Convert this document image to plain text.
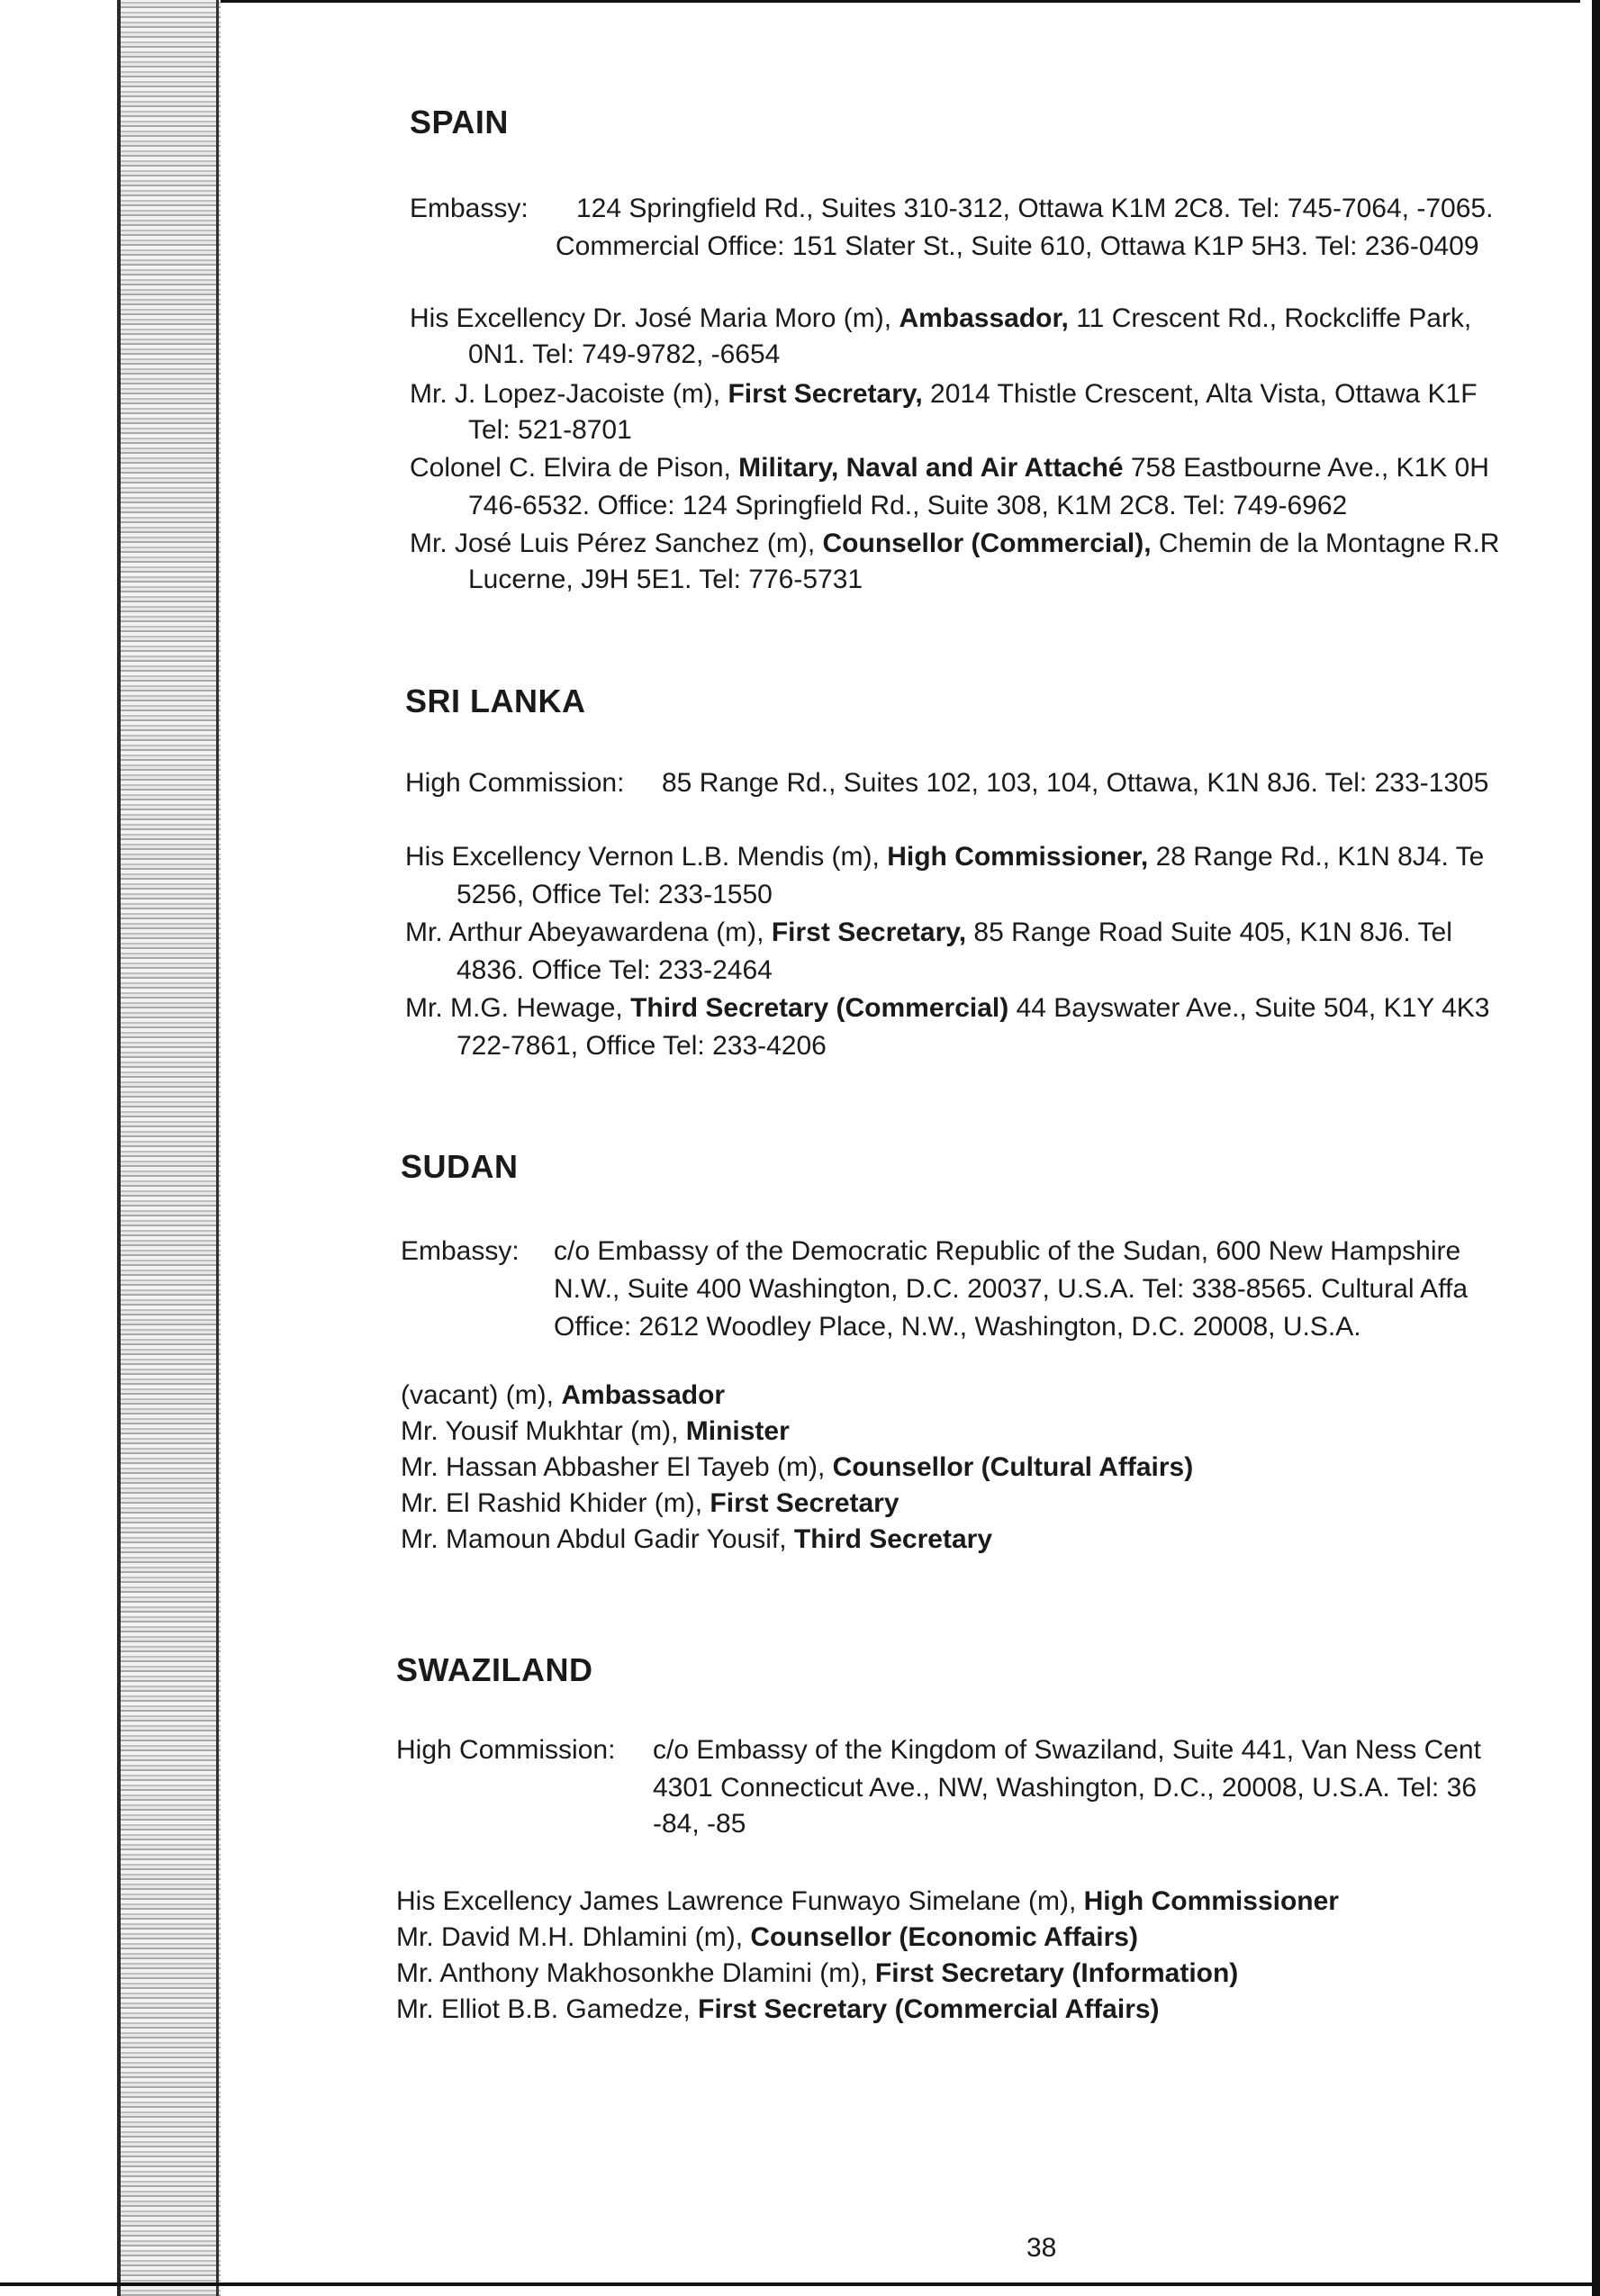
SPAIN
Embassy: 124 Springfield Rd., Suites 310-312, Ottawa K1M 2C8. Tel: 745-7064, -7065.
Commercial Office: 151 Slater St., Suite 610, Ottawa K1P 5H3. Tel: 236-0409
His Excellency Dr. José Maria Moro (m), Ambassador, 11 Crescent Rd., Rockcliffe Park,
0N1. Tel: 749-9782, -6654
Mr. J. Lopez-Jacoiste (m), First Secretary, 2014 Thistle Crescent, Alta Vista, Ottawa K1F
Tel: 521-8701
Colonel C. Elvira de Pison, Military, Naval and Air Attaché 758 Eastbourne Ave., K1K 0H
746-6532. Office: 124 Springfield Rd., Suite 308, K1M 2C8. Tel: 749-6962
Mr. José Luis Pérez Sanchez (m), Counsellor (Commercial), Chemin de la Montagne R.R
Lucerne, J9H 5E1. Tel: 776-5731
SRI LANKA
High Commission: 85 Range Rd., Suites 102, 103, 104, Ottawa, K1N 8J6. Tel: 233-1305
His Excellency Vernon L.B. Mendis (m), High Commissioner, 28 Range Rd., K1N 8J4. Te
5256, Office Tel: 233-1550
Mr. Arthur Abeyawardena (m), First Secretary, 85 Range Road Suite 405, K1N 8J6. Tel
4836. Office Tel: 233-2464
Mr. M.G. Hewage, Third Secretary (Commercial) 44 Bayswater Ave., Suite 504, K1Y 4K3
722-7861, Office Tel: 233-4206
SUDAN
Embassy: c/o Embassy of the Democratic Republic of the Sudan, 600 New Hampshire
N.W., Suite 400 Washington, D.C. 20037, U.S.A. Tel: 338-8565. Cultural Affa
Office: 2612 Woodley Place, N.W., Washington, D.C. 20008, U.S.A.
(vacant) (m), Ambassador
Mr. Yousif Mukhtar (m), Minister
Mr. Hassan Abbasher El Tayeb (m), Counsellor (Cultural Affairs)
Mr. El Rashid Khider (m), First Secretary
Mr. Mamoun Abdul Gadir Yousif, Third Secretary
SWAZILAND
High Commission: c/o Embassy of the Kingdom of Swaziland, Suite 441, Van Ness Cent
4301 Connecticut Ave., NW, Washington, D.C., 20008, U.S.A. Tel: 36
-84, -85
His Excellency James Lawrence Funwayo Simelane (m), High Commissioner
Mr. David M.H. Dhlamini (m), Counsellor (Economic Affairs)
Mr. Anthony Makhosonkhe Dlamini (m), First Secretary (Information)
Mr. Elliot B.B. Gamedze, First Secretary (Commercial Affairs)
38
